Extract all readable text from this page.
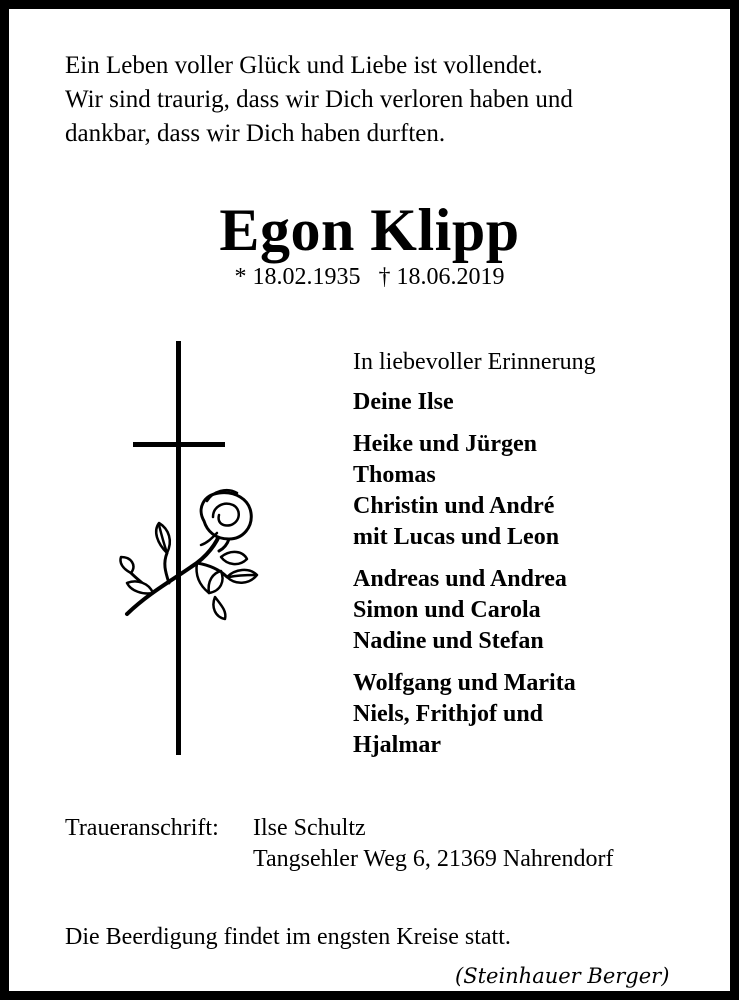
Ein Leben voller Glück und Liebe ist vollendet.
Wir sind traurig, dass wir Dich verloren haben und
dankbar, dass wir Dich haben durften.
Egon Klipp
* 18.02.1935 † 18.06.2019
In liebevoller Erinnerung
Deine Ilse
Heike und Jürgen
Thomas
Christin und André
mit Lucas und Leon
Andreas und Andrea
Simon und Carola
Nadine und Stefan
Wolfgang und Marita
Niels, Frithjof und
Hjalmar
Traueranschrift:	Ilse Schultz
Tangsehler Weg 6, 21369 Nahrendorf
Die Beerdigung findet im engsten Kreise statt.
(Steinhauer Berger)
